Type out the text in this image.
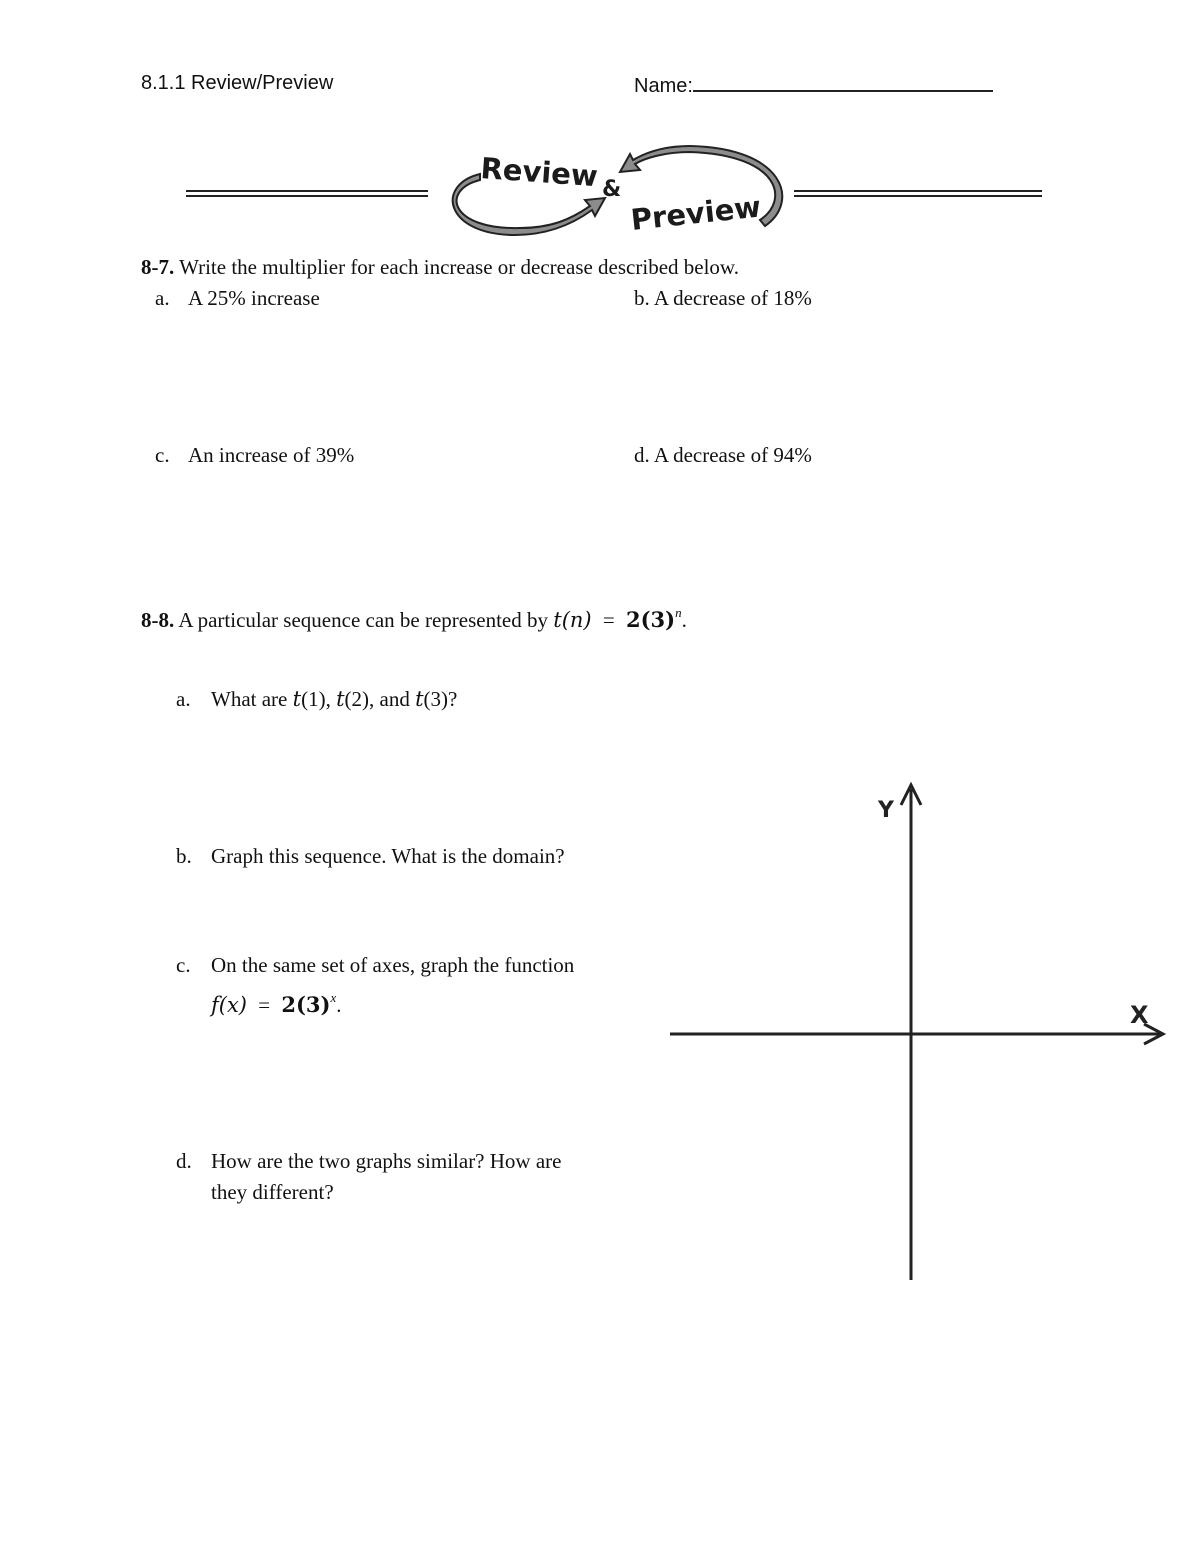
8.1.1 Review/Preview	Name:
Review &
Preview
8-7. Write the multiplier for each increase or decrease described below.
a. A 25% increase	b. A decrease of 18%
c. An increase of 39%	d. A decrease of 94%
8-8. A particular sequence can be represented by $t(n) = 2(3)^n$.
a. What are t(1), t(2), and t(3)?
b. Graph this sequence. What is the domain?
c. On the same set of axes, graph the function
$f(x) = 2(3)^x$.
d. How are the two graphs similar? How are
they different?
Y
X
